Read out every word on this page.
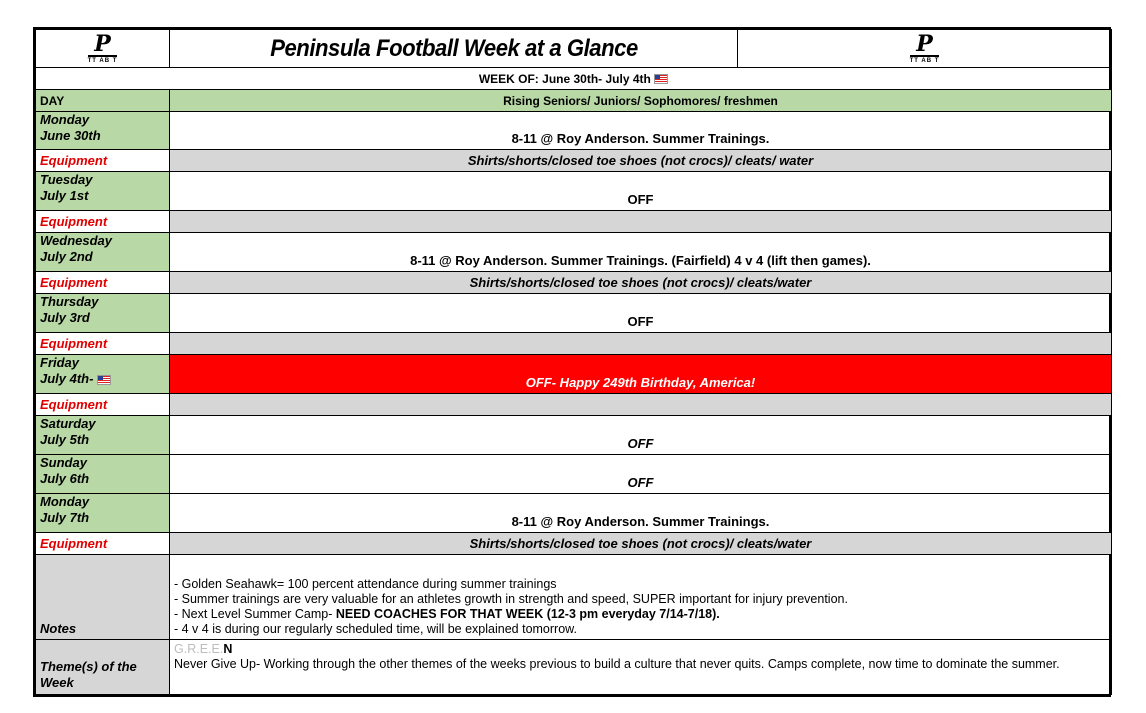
P
TT AB T	Peninsula Football Week at a Glance	P
TT AB T

WEEK OF: June 30th- July 4th		
DAY	Rising Seniors/ Juniors/ Sophomores/ freshmen	
Monday
June 30th	8-11 @ Roy Anderson. Summer Trainings.	
Equipment	Shirts/shorts/closed toe shoes (not crocs)/ cleats/ water	
Tuesday
July 1st	OFF	
Equipment		
Wednesday
July 2nd	8-11 @ Roy Anderson. Summer Trainings. (Fairfield) 4 v 4 (lift then games).	
Equipment	Shirts/shorts/closed toe shoes (not crocs)/ cleats/water	
Thursday
July 3rd	OFF	
Equipment		
Friday
July 4th-	OFF- Happy 249th Birthday, America!	
Equipment		
Saturday
July 5th	OFF	
Sunday
July 6th	OFF	
Monday
July 7th	8-11 @ Roy Anderson. Summer Trainings.	
Equipment	Shirts/shorts/closed toe shoes (not crocs)/ cleats/water	
Notes	- Golden Seahawk= 100 percent attendance during summer trainings
- Summer trainings are very valuable for an athletes growth in strength and speed, SUPER important for injury prevention.
- Next Level Summer Camp- NEED COACHES FOR THAT WEEK (12-3 pm everyday 7/14-7/18).
- 4 v 4 is during our regularly scheduled time, will be explained tomorrow.	

Theme(s) of the Week	G.R.E.E.N
Never Give Up- Working through the other themes of the weeks previous to build a culture that never quits. Camps complete, now time to dominate the summer.	
